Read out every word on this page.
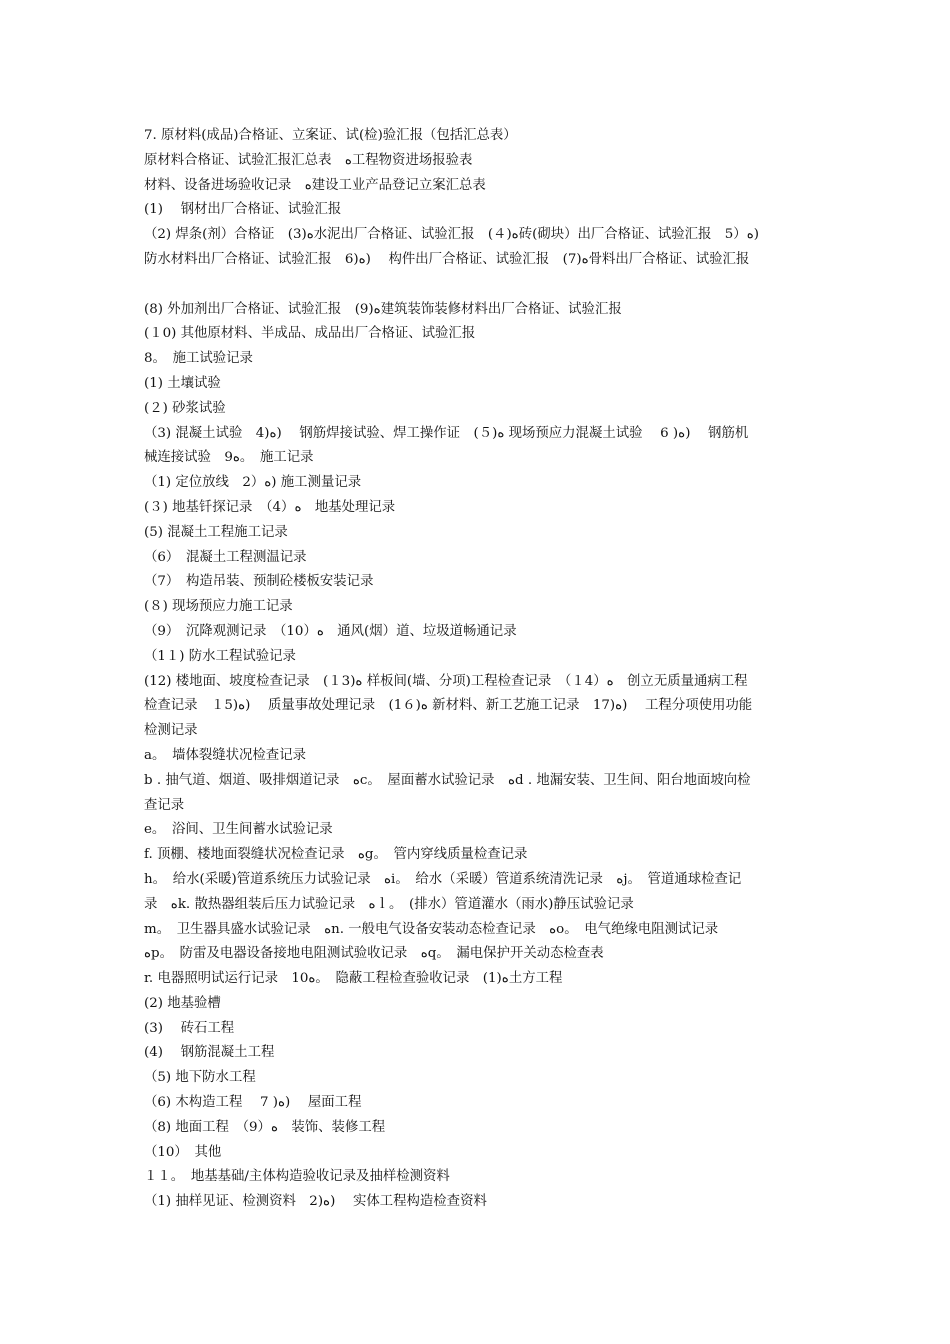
7. 原材料(成品)合格证、立案证、试(检)验汇报（包括汇总表）
原材料合格证、试验汇报汇总表　ﻩ工程物资进场报验表
材料、设备进场验收记录　ﻩ建设工业产品登记立案汇总表
(1)　 钢材出厂合格证、试验汇报
（2) 焊条(剂）合格证　(3)ﻩ水泥出厂合格证、试验汇报　(４)ﻩ砖(砌块）出厂合格证、试验汇报　5）ﻩ)
防水材料出厂合格证、试验汇报　6)ﻩ)　 构件出厂合格证、试验汇报　(7)ﻩ骨料出厂合格证、试验汇报
(8) 外加剂出厂合格证、试验汇报　(9)ﻩ建筑装饰装修材料出厂合格证、试验汇报
(１0) 其他原材料、半成品、成品出厂合格证、试验汇报
8。　施工试验记录
(1) 土壤试验
(２) 砂浆试验
（3) 混凝土试验　4)ﻩ)　 钢筋焊接试验、焊工操作证　ﻩ(５) 现场预应力混凝土试验　 6 )ﻩ)　 钢筋机
械连接试验　9ﻩ。　施工记录
（1) 定位放线　2）ﻩ) 施工测量记录
(３) 地基钎探记录　（4）ﻩ　地基处理记录
(5) 混凝土工程施工记录
（6）　混凝土工程测温记录
（7）　构造吊装、预制砼楼板安装记录
(８) 现场预应力施工记录
（9）　沉降观测记录　（10）ﻩ　通风(烟）道、垃圾道畅通记录
（1１) 防水工程试验记录
(12) 楼地面、坡度检查记录　ﻩ(１3) 样板间(墙、分项)工程检查记录　（１4）ﻩ　创立无质量通病工程
检查记录　１5)ﻩ)　 质量事故处理记录　ﻩ(1６) 新材料、新工艺施工记录　17)ﻩ)　 工程分项使用功能
检测记录
a。　墙体裂缝状况检查记录
b . 抽气道、烟道、吸排烟道记录　ﻩc。　屋面蓄水试验记录　ﻩd . 地漏安装、卫生间、阳台地面坡向检
查记录
e。　浴间、卫生间蓄水试验记录
f. 顶棚、楼地面裂缝状况检查记录　ﻩg。　管内穿线质量检查记录
h。　给水(采暖)管道系统压力试验记录　ﻩi。　给水（采暖）管道系统清洗记录　ﻩj。　管道通球检查记
录　ﻩk. 散热器组装后压力试验记录　ﻩｌ。　(排水）管道灌水（雨水)静压试验记录
m。　卫生器具盛水试验记录　ﻩn. 一般电气设备安装动态检查记录　ﻩo。　电气绝缘电阻测试记录
ﻩp。　防雷及电器设备接地电阻测试验收记录　ﻩq。　漏电保护开关动态检查表
r. 电器照明试运行记录　10ﻩ。　隐蔽工程检查验收记录　(1)ﻩ土方工程
(2) 地基验槽
(3)　 砖石工程
(4)　 钢筋混凝土工程
（5) 地下防水工程
（6) 木构造工程　 7 )ﻩ)　 屋面工程
（8) 地面工程　（9）ﻩ　装饰、装修工程
（10）　其他
１１。　地基基础/主体构造验收记录及抽样检测资料
（1) 抽样见证、检测资料　2)ﻩ)　 实体工程构造检查资料
